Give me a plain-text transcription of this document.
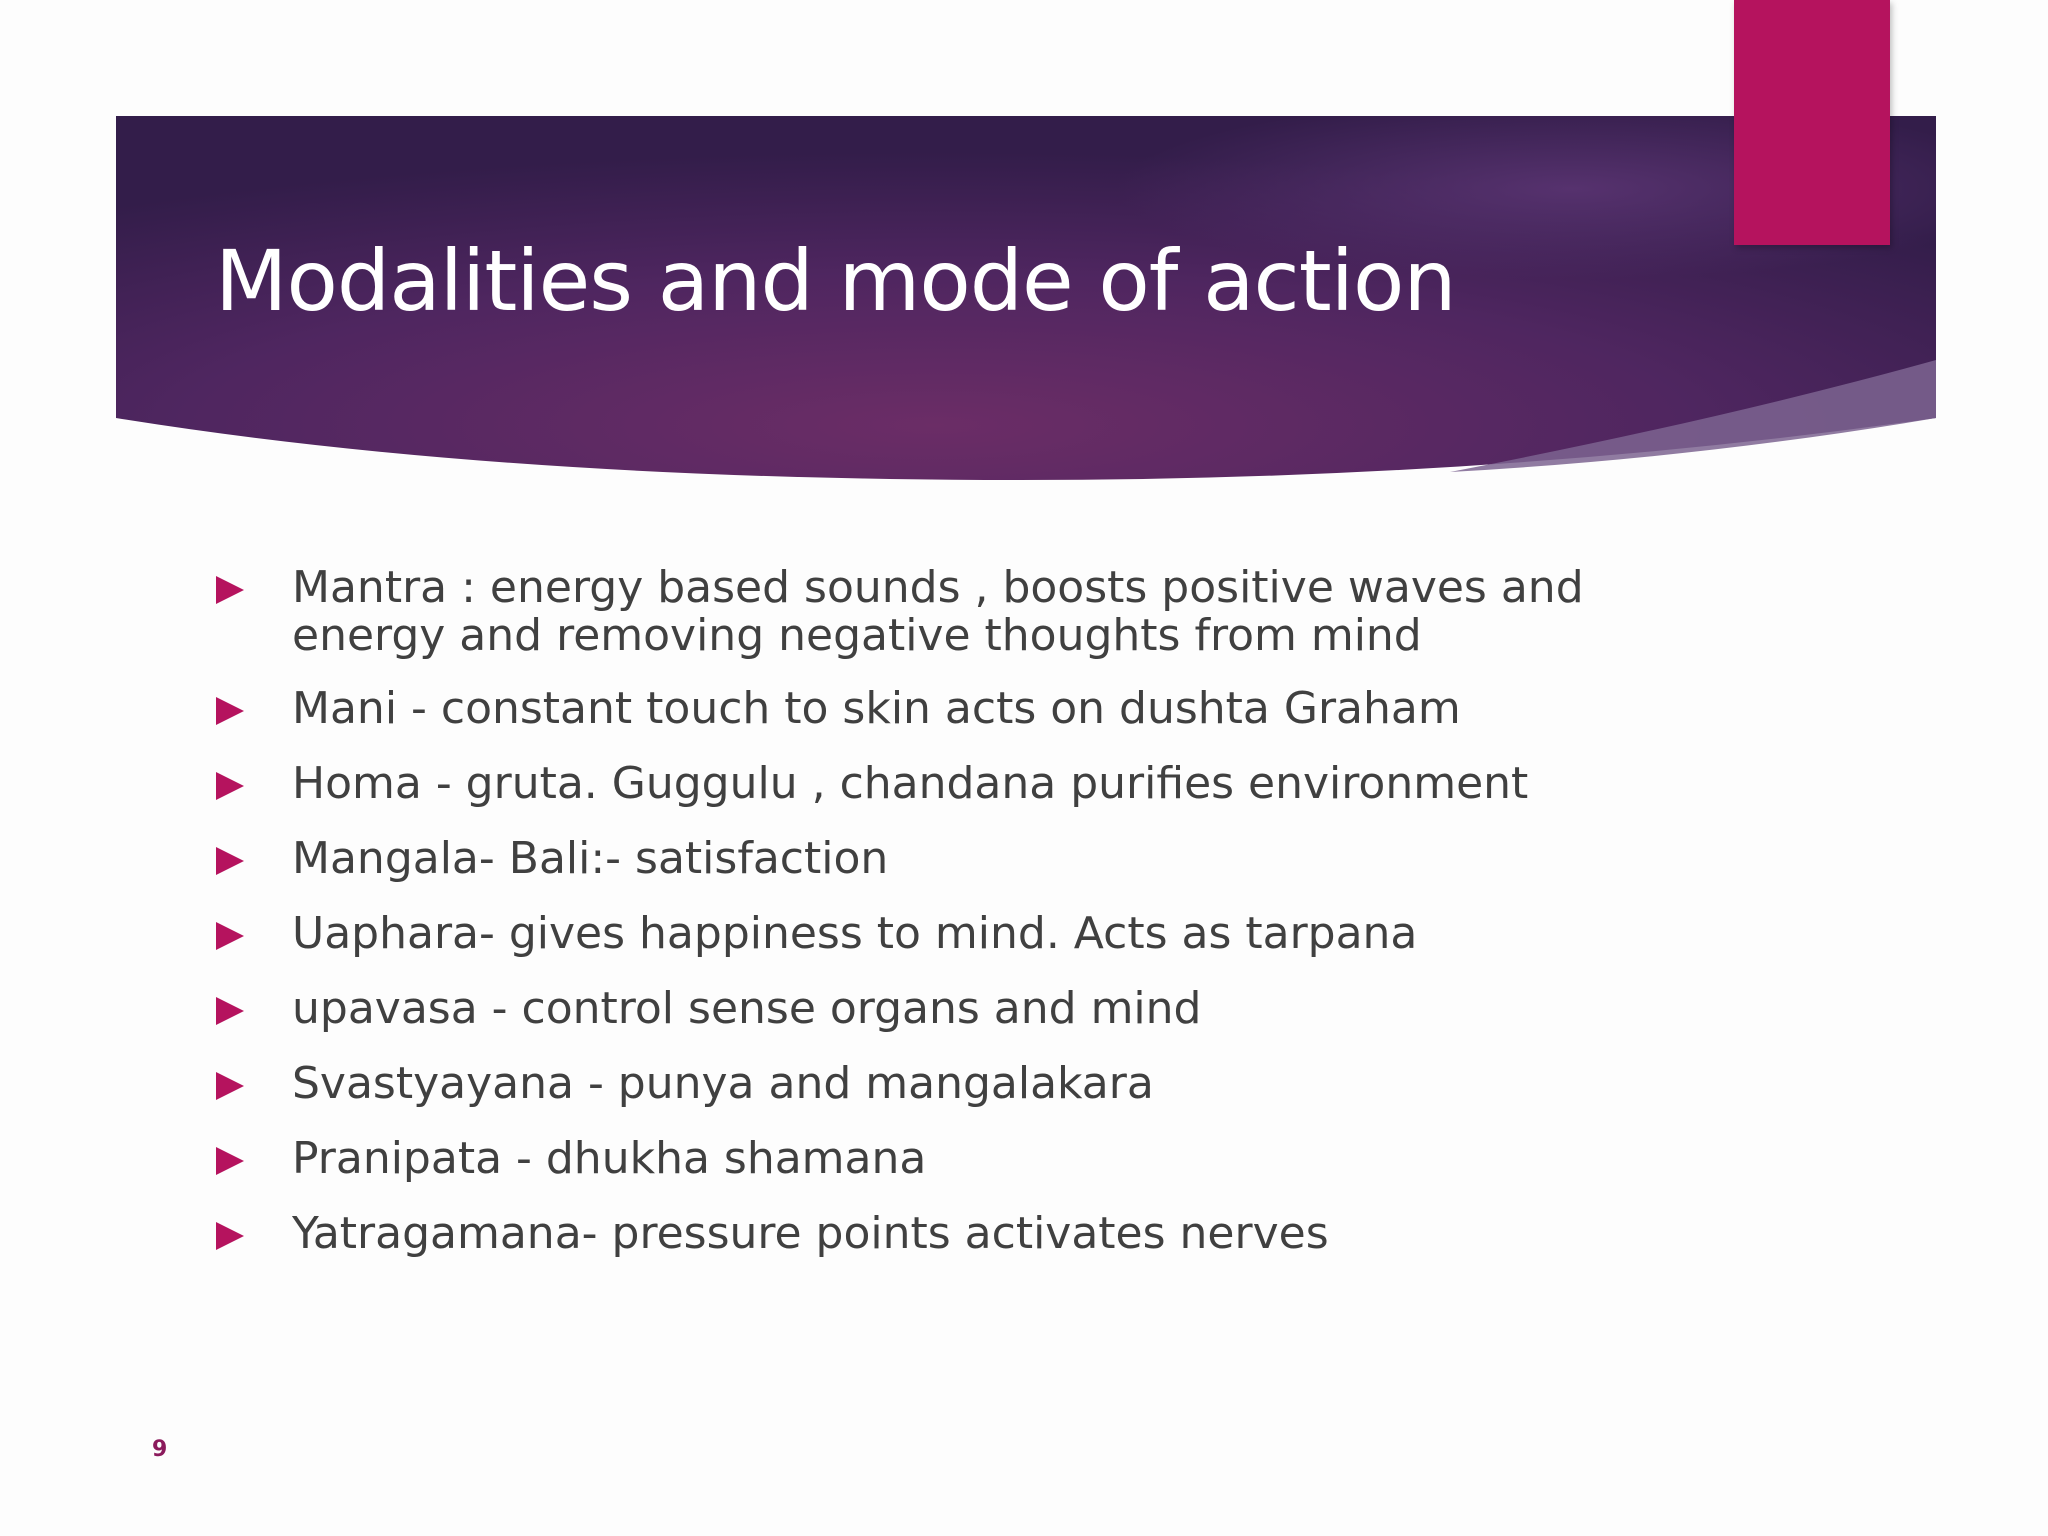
Modalities and mode of action
Mantra : energy based sounds , boosts positive waves and
energy and removing negative thoughts from mind
Mani - constant touch to skin acts on dushta Graham
Homa - gruta. Guggulu , chandana purifies environment
Mangala- Bali:- satisfaction
Uaphara- gives happiness to mind. Acts as tarpana
upavasa - control sense organs and mind
Svastyayana - punya and mangalakara
Pranipata - dhukha shamana
Yatragamana- pressure points activates nerves
9
